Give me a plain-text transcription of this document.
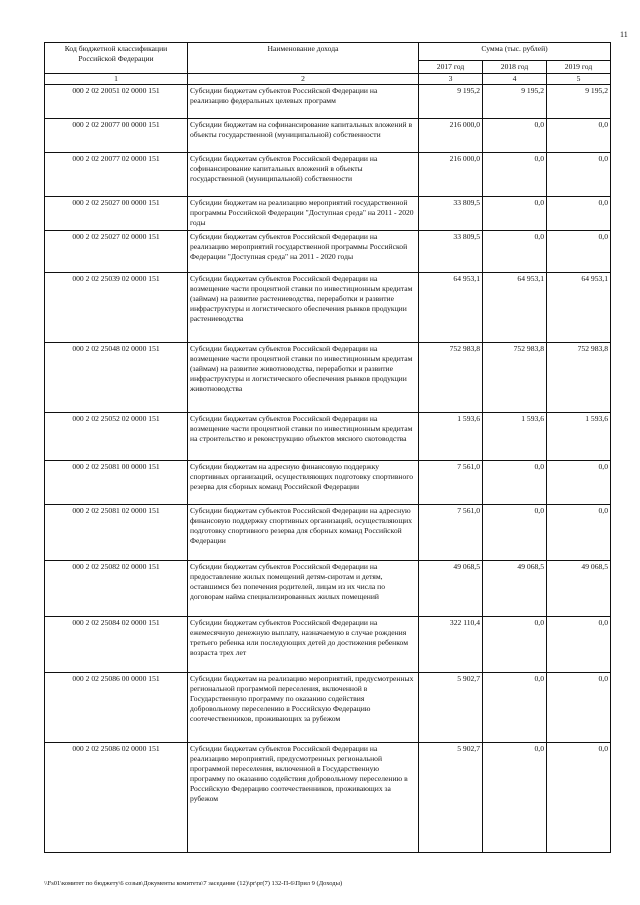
11
Код бюджетной классификации Российской Федерации	Наименование дохода	Сумма (тыс. рублей)		
		2017 год	2018 год	2019 год
1	2	3	4	5
000 2 02 20051 02 0000 151	Субсидии бюджетам субъектов Российской Федерации на реализацию федеральных целевых программ	9 195,2	9 195,2	9 195,2
000 2 02 20077 00 0000 151	Субсидии бюджетам на софинансирование капитальных вложений в объекты государственной (муниципальной) собственности	216 000,0	0,0	0,0
000 2 02 20077 02 0000 151	Субсидии бюджетам субъектов Российской Федерации на софинансирование капитальных вложений в объекты государственной (муниципальной) собственности	216 000,0	0,0	0,0
000 2 02 25027 00 0000 151	Субсидии бюджетам на реализацию мероприятий государственной программы Российской Федерации "Доступная среда" на 2011 - 2020 годы	33 809,5	0,0	0,0
000 2 02 25027 02 0000 151	Субсидии бюджетам субъектов Российской Федерации на реализацию мероприятий государственной программы Российской Федерации "Доступная среда" на 2011 - 2020 годы	33 809,5	0,0	0,0
000 2 02 25039 02 0000 151	Субсидии бюджетам субъектов Российской Федерации на возмещение части процентной ставки по инвестиционным кредитам (займам) на развитие растениеводства, переработки и развитие инфраструктуры и логистического обеспечения рынков продукции растениеводства	64 953,1	64 953,1	64 953,1
000 2 02 25048 02 0000 151	Субсидии бюджетам субъектов Российской Федерации на возмещение части процентной ставки по инвестиционным кредитам (займам) на развитие животноводства, переработки и развитие инфраструктуры и логистического обеспечения рынков продукции животноводства	752 983,8	752 983,8	752 983,8
000 2 02 25052 02 0000 151	Субсидии бюджетам субъектов Российской Федерации на возмещение части процентной ставки по инвестиционным кредитам на строительство и реконструкцию объектов мясного скотоводства	1 593,6	1 593,6	1 593,6
000 2 02 25081 00 0000 151	Субсидии бюджетам на адресную финансовую поддержку спортивных организаций, осуществляющих подготовку спортивного резерва для сборных команд Российской Федерации	7 561,0	0,0	0,0
000 2 02 25081 02 0000 151	Субсидии бюджетам субъектов Российской Федерации на адресную финансовую поддержку спортивных организаций, осуществляющих подготовку спортивного резерва для сборных команд Российской Федерации	7 561,0	0,0	0,0
000 2 02 25082 02 0000 151	Субсидии бюджетам субъектов Российской Федерации на предоставление жилых помещений детям-сиротам и детям, оставшимся без попечения родителей, лицам из их числа по договорам найма специализированных жилых помещений	49 068,5	49 068,5	49 068,5
000 2 02 25084 02 0000 151	Субсидии бюджетам субъектов Российской Федерации на ежемесячную денежную выплату, назначаемую в случае рождения третьего ребенка или последующих детей до достижения ребенком возраста трех лет	322 110,4	0,0	0,0
000 2 02 25086 00 0000 151	Субсидии бюджетам на реализацию мероприятий, предусмотренных региональной программой переселения, включенной в Государственную программу по оказанию содействия добровольному переселению в Российскую Федерацию соотечественников, проживающих за рубежом	5 902,7	0,0	0,0
000 2 02 25086 02 0000 151	Субсидии бюджетам субъектов Российской Федерации на реализацию мероприятий, предусмотренных региональной программой переселения, включенной в Государственную программу по оказанию содействия добровольному переселению в Российскую Федерацию соотечественников, проживающих за рубежом	5 902,7	0,0	0,0
\\Fs01\комитет по бюджету\6 созыв\Документы комитета\7 заседание (12)\pr\pr(7) 132-П-6\Прил 9 (Доходы)
